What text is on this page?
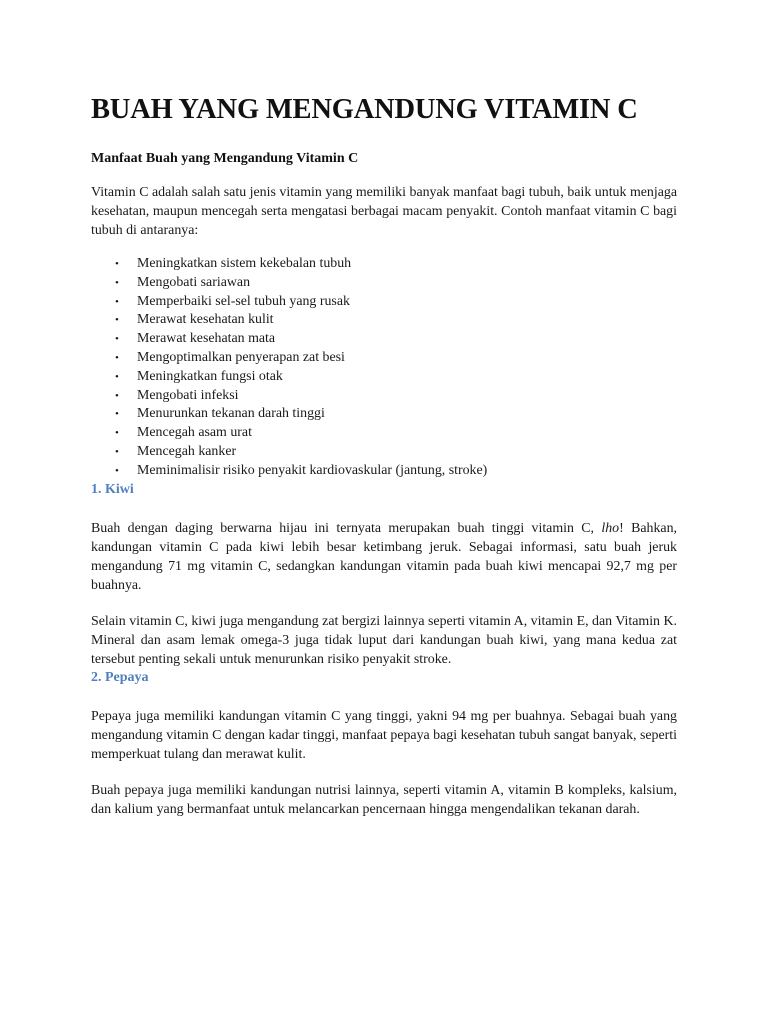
BUAH YANG MENGANDUNG VITAMIN C
Manfaat Buah yang Mengandung Vitamin C

Vitamin C adalah salah satu jenis vitamin yang memiliki banyak manfaat bagi tubuh, baik untuk menjaga kesehatan, maupun mencegah serta mengatasi berbagai macam penyakit. Contoh manfaat vitamin C bagi tubuh di antaranya:

• Meningkatkan sistem kekebalan tubuh
• Mengobati sariawan
• Memperbaiki sel-sel tubuh yang rusak
• Merawat kesehatan kulit
• Merawat kesehatan mata
• Mengoptimalkan penyerapan zat besi
• Meningkatkan fungsi otak
• Mengobati infeksi
• Menurunkan tekanan darah tinggi
• Mencegah asam urat
• Mencegah kanker
• Meminimalisir risiko penyakit kardiovaskular (jantung, stroke)
1. Kiwi

Buah dengan daging berwarna hijau ini ternyata merupakan buah tinggi vitamin C, lho! Bahkan, kandungan vitamin C pada kiwi lebih besar ketimbang jeruk. Sebagai informasi, satu buah jeruk mengandung 71 mg vitamin C, sedangkan kandungan vitamin pada buah kiwi mencapai 92,7 mg per buahnya.

Selain vitamin C, kiwi juga mengandung zat bergizi lainnya seperti vitamin A, vitamin E, dan Vitamin K. Mineral dan asam lemak omega-3 juga tidak luput dari kandungan buah kiwi, yang mana kedua zat tersebut penting sekali untuk menurunkan risiko penyakit stroke.

2. Pepaya

Pepaya juga memiliki kandungan vitamin C yang tinggi, yakni 94 mg per buahnya. Sebagai buah yang mengandung vitamin C dengan kadar tinggi, manfaat pepaya bagi kesehatan tubuh sangat banyak, seperti memperkuat tulang dan merawat kulit.

Buah pepaya juga memiliki kandungan nutrisi lainnya, seperti vitamin A, vitamin B kompleks, kalsium, dan kalium yang bermanfaat untuk melancarkan pencernaan hingga mengendalikan tekanan darah.
